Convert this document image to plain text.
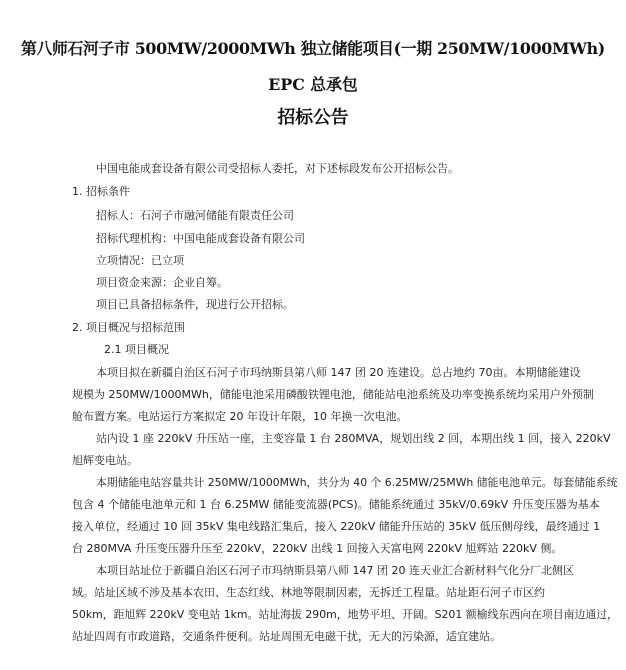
第八师石河子市 500MW/2000MWh 独立储能项目(一期 250MW/1000MWh)
EPC 总承包
招标公告
中国电能成套设备有限公司受招标人委托，对下述标段发布公开招标公告。
1. 招标条件
招标人：石河子市融河储能有限责任公司
招标代理机构：中国电能成套设备有限公司
立项情况：已立项
项目资金来源：企业自筹。
项目已具备招标条件，现进行公开招标。
2. 项目概况与招标范围
2.1 项目概况
本项目拟在新疆自治区石河子市玛纳斯县第八师 147 团 20 连建设。总占地约 70亩。本期储能建设
规模为 250MW/1000MWh，储能电池采用磷酸铁锂电池，储能站电池系统及功率变换系统均采用户外预制
舱布置方案。电站运行方案拟定 20 年设计年限，10 年换一次电池。
站内设 1 座 220kV 升压站一座，主变容量 1 台 280MVA，规划出线 2 回，本期出线 1 回，接入 220kV
旭辉变电站。
本期储能电站容量共计 250MW/1000MWh，共分为 40 个 6.25MW/25MWh 储能电池单元。每套储能系统
包含 4 个储能电池单元和 1 台 6.25MW 储能变流器(PCS)。储能系统通过 35kV/0.69kV 升压变压器为基本
接入单位，经通过 10 回 35kV 集电线路汇集后，接入 220kV 储能升压站的 35kV 低压侧母线，最终通过 1
台 280MVA 升压变压器升压至 220kV，220kV 出线 1 回接入天富电网 220kV 旭辉站 220kV 侧。
本项目站址位于新疆自治区石河子市玛纳斯县第八师 147 团 20 连天业汇合新材料气化分厂北侧区
域。站址区域不涉及基本农田、生态红线、林地等限制因素，无拆迁工程量。站址距石河子市区约
50km，距旭辉 220kV 变电站 1km。站址海拔 290m，地势平坦、开阔。S201 额榆线东西向在项目南边通过，
站址四周有市政道路，交通条件便利。站址周围无电磁干扰，无大的污染源，适宜建站。
